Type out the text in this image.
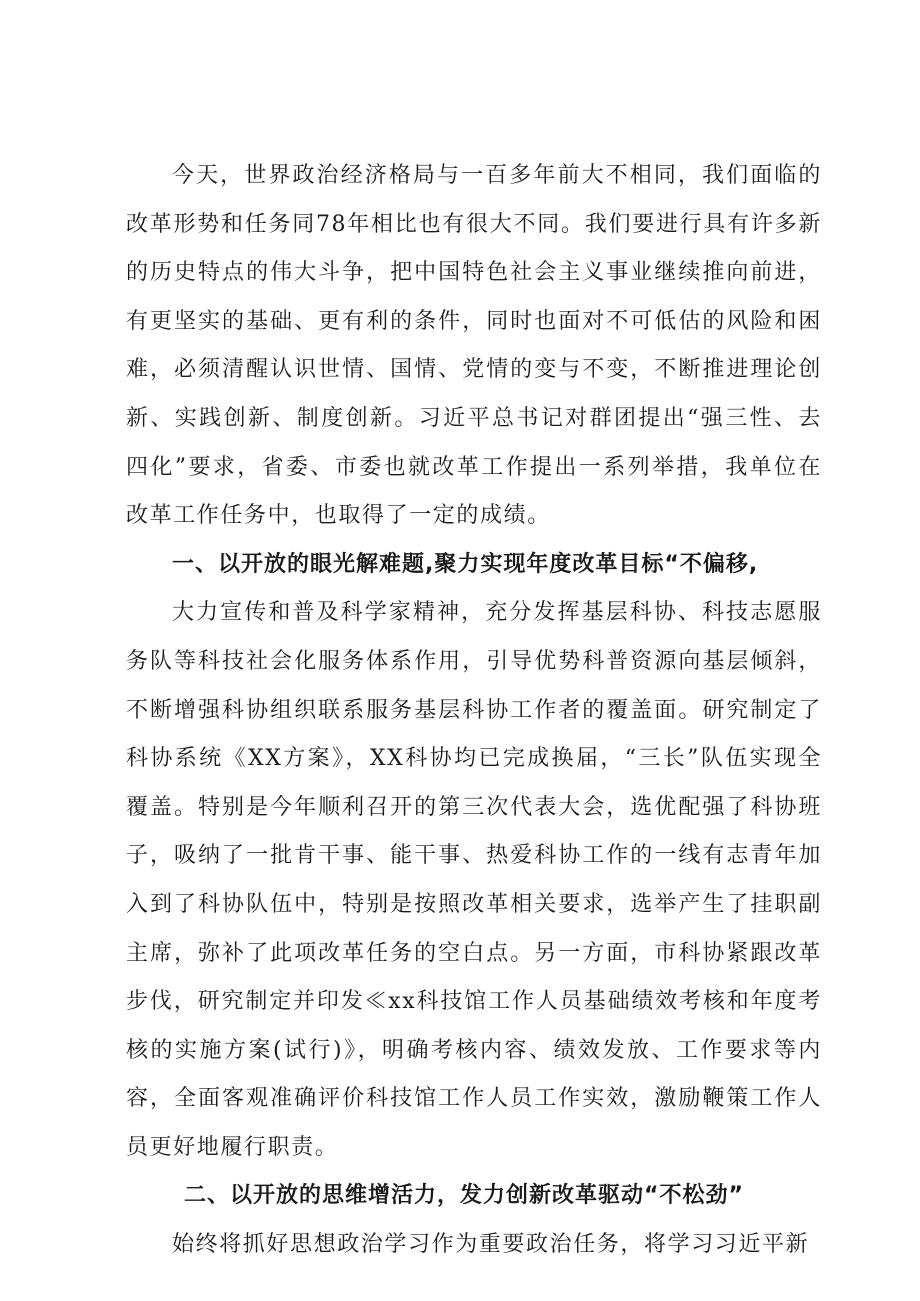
今天，世界政治经济格局与一百多年前大不相同，我们面临的改革形势和任务同78年相比也有很大不同。我们要进行具有许多新的历史特点的伟大斗争，把中国特色社会主义事业继续推向前进，有更坚实的基础、更有利的条件，同时也面对不可低估的风险和困难，必须清醒认识世情、国情、党情的变与不变，不断推进理论创新、实践创新、制度创新。习近平总书记对群团提出“强三性、去四化”要求，省委、市委也就改革工作提出一系列举措，我单位在改革工作任务中，也取得了一定的成绩。

一、以开放的眼光解难题,聚力实现年度改革目标“不偏移,

大力宣传和普及科学家精神，充分发挥基层科协、科技志愿服务队等科技社会化服务体系作用，引导优势科普资源向基层倾斜，不断增强科协组织联系服务基层科协工作者的覆盖面。研究制定了科协系统《XX方案》，XX科协均已完成换届，“三长”队伍实现全覆盖。特别是今年顺利召开的第三次代表大会，选优配强了科协班子，吸纳了一批肯干事、能干事、热爱科协工作的一线有志青年加入到了科协队伍中，特别是按照改革相关要求，选举产生了挂职副主席，弥补了此项改革任务的空白点。另一方面，市科协紧跟改革步伐，研究制定并印发≪xx科技馆工作人员基础绩效考核和年度考核的实施方案(试行)》，明确考核内容、绩效发放、工作要求等内容，全面客观准确评价科技馆工作人员工作实效，激励鞭策工作人员更好地履行职责。

二、以开放的思维增活力，发力创新改革驱动“不松劲”

始终将抓好思想政治学习作为重要政治任务，将学习习近平新
